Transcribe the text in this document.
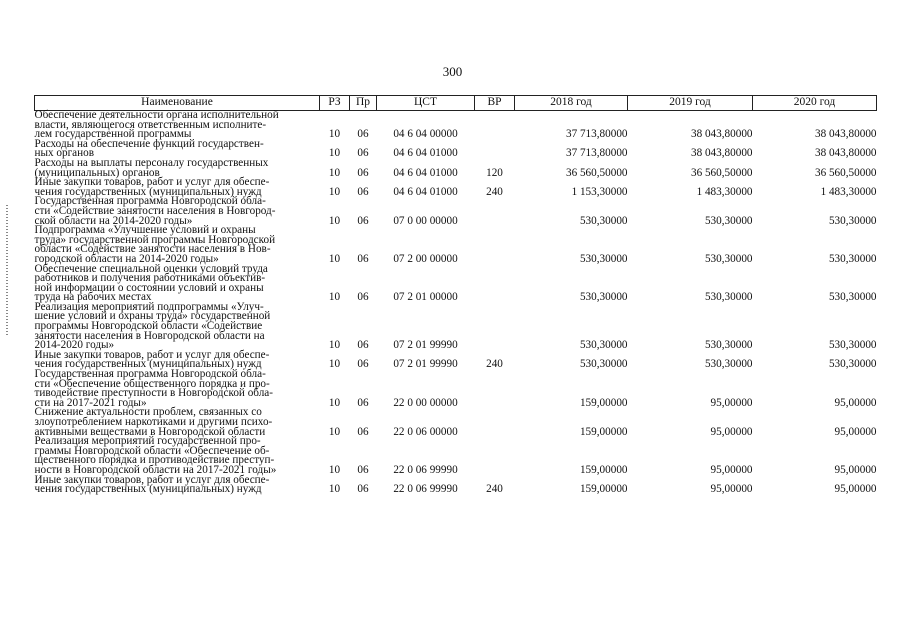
300
Наименование	РЗ	Пр	ЦСТ	ВР	2018 год	2019 год	2020 год

Обеспечение деятельности органа исполнительной
власти, являющегося ответственным исполните-
лем государственной программы	10	06	04 6 04 00000		37 713,80000	38 043,80000	38 043,80000

Расходы на обеспечение функций государствен-
ных органов	10	06	04 6 04 01000		37 713,80000	38 043,80000	38 043,80000

Расходы на выплаты персоналу государственных
(муниципальных) органов	10	06	04 6 04 01000	120	36 560,50000	36 560,50000	36 560,50000

Иные закупки товаров, работ и услуг для обеспе-
чения государственных (муниципальных) нужд	10	06	04 6 04 01000	240	1 153,30000	1 483,30000	1 483,30000

Государственная программа Новгородской обла-
сти «Содействие занятости населения в Новгород-
ской области на 2014-2020 годы»	10	06	07 0 00 00000		530,30000	530,30000	530,30000

Подпрограмма «Улучшение условий и охраны
труда» государственной программы Новгородской
области «Содействие занятости населения в Нов-
городской области на 2014-2020 годы»	10	06	07 2 00 00000		530,30000	530,30000	530,30000

Обеспечение специальной оценки условий труда
работников и получения работниками объектив-
ной информации о состоянии условий и охраны
труда на рабочих местах	10	06	07 2 01 00000		530,30000	530,30000	530,30000

Реализация мероприятий подпрограммы «Улуч-
шение условий и охраны труда» государственной
программы Новгородской области «Содействие
занятости населения в Новгородской области на
2014-2020 годы»	10	06	07 2 01 99990		530,30000	530,30000	530,30000

Иные закупки товаров, работ и услуг для обеспе-
чения государственных (муниципальных) нужд	10	06	07 2 01 99990	240	530,30000	530,30000	530,30000

Государственная программа Новгородской обла-
сти «Обеспечение общественного порядка и про-
тиводействие преступности в Новгородской обла-
сти на 2017-2021 годы»	10	06	22 0 00 00000		159,00000	95,00000	95,00000

Снижение актуальности проблем, связанных со
злоупотреблением наркотиками и другими психо-
активными веществами в Новгородской области	10	06	22 0 06 00000		159,00000	95,00000	95,00000

Реализация мероприятий государственной про-
граммы Новгородской области «Обеспечение об-
щественного порядка и противодействие преступ-
ности в Новгородской области на 2017-2021 годы»	10	06	22 0 06 99990		159,00000	95,00000	95,00000

Иные закупки товаров, работ и услуг для обеспе-
чения государственных (муниципальных) нужд	10	06	22 0 06 99990	240	159,00000	95,00000	95,00000
